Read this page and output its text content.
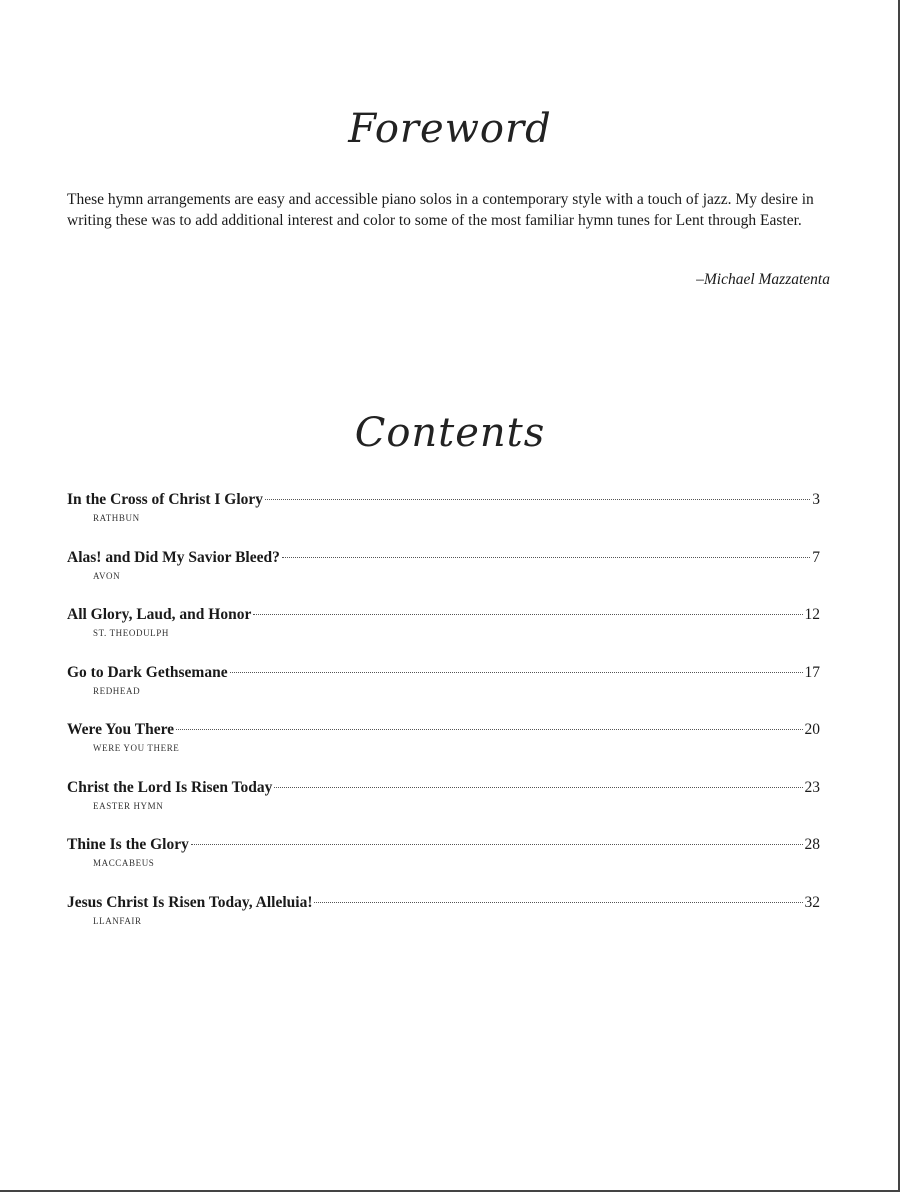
Foreword

These hymn arrangements are easy and accessible piano solos in a contemporary style with a touch of jazz. My desire in writing these was to add additional interest and color to some of the most familiar hymn tunes for Lent through Easter.

–Michael Mazzatenta

Contents
In the Cross of Christ I Glory	3
RATHBUN
Alas! and Did My Savior Bleed?	7
AVON
All Glory, Laud, and Honor	12
ST. THEODULPH
Go to Dark Gethsemane	17
REDHEAD
Were You There	20
WERE YOU THERE
Christ the Lord Is Risen Today	23
EASTER HYMN
Thine Is the Glory	28
MACCABEUS
Jesus Christ Is Risen Today, Alleluia!	32
LLANFAIR
